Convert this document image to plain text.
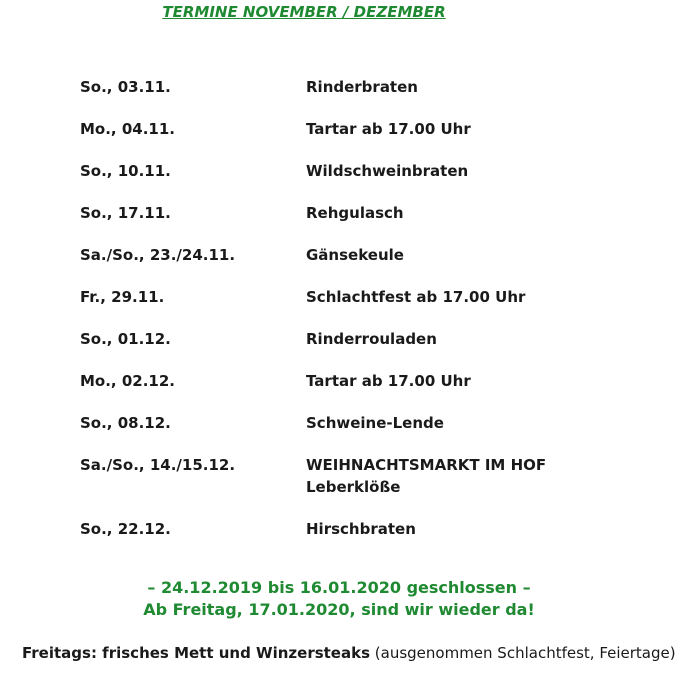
TERMINE NOVEMBER / DEZEMBER
So., 03.11.	Rinderbraten
Mo., 04.11.	Tartar ab 17.00 Uhr
So., 10.11.	Wildschweinbraten
So., 17.11.	Rehgulasch
Sa./So., 23./24.11.	Gänsekeule
Fr., 29.11.	Schlachtfest ab 17.00 Uhr
So., 01.12.	Rinderrouladen
Mo., 02.12.	Tartar ab 17.00 Uhr
So., 08.12.	Schweine-Lende
Sa./So., 14./15.12.	WEIHNACHTSMARKT IM HOF
Leberklöße
So., 22.12.	Hirschbraten
– 24.12.2019 bis 16.01.2020 geschlossen –
Ab Freitag, 17.01.2020, sind wir wieder da!
Freitags: frisches Mett und Winzersteaks (ausgenommen Schlachtfest, Feiertage)
